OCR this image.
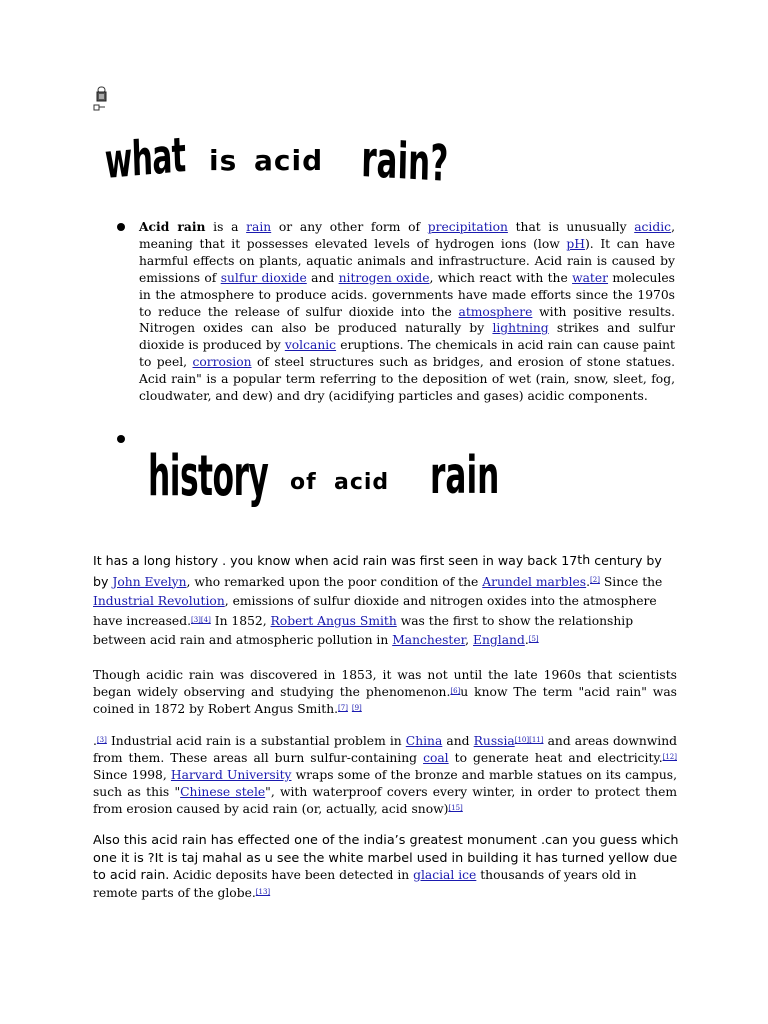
what is acid rain?
Acid rain is a rain or any other form of precipitation that is unusually acidic, meaning that it possesses elevated levels of hydrogen ions (low pH). It can have harmful effects on plants, aquatic animals and infrastructure. Acid rain is caused by emissions of sulfur dioxide and nitrogen oxide, which react with the water molecules in the atmosphere to produce acids. governments have made efforts since the 1970s to reduce the release of sulfur dioxide into the atmosphere with positive results. Nitrogen oxides can also be produced naturally by lightning strikes and sulfur dioxide is produced by volcanic eruptions. The chemicals in acid rain can cause paint to peel, corrosion of steel structures such as bridges, and erosion of stone statues. Acid rain" is a popular term referring to the deposition of wet (rain, snow, sleet, fog, cloudwater, and dew) and dry (acidifying particles and gases) acidic components.
history of acid rain
It has a long history . you know when acid rain was first seen in way back 17th century by by John Evelyn, who remarked upon the poor condition of the Arundel marbles.[2] Since the Industrial Revolution, emissions of sulfur dioxide and nitrogen oxides into the atmosphere have increased.[3][4] In 1852, Robert Angus Smith was the first to show the relationship between acid rain and atmospheric pollution in Manchester, England.[5]
Though acidic rain was discovered in 1853, it was not until the late 1960s that scientists began widely observing and studying the phenomenon.[6]u know The term "acid rain" was coined in 1872 by Robert Angus Smith.[7] [9]
.[3] Industrial acid rain is a substantial problem in China and Russia[10][11] and areas downwind from them. These areas all burn sulfur-containing coal to generate heat and electricity.[12] Since 1998, Harvard University wraps some of the bronze and marble statues on its campus, such as this "Chinese stele", with waterproof covers every winter, in order to protect them from erosion caused by acid rain (or, actually, acid snow)[15]
Also this acid rain has effected one of the india’s greatest monument .can you guess which one it is ?It is taj mahal as u see the white marbel used in building it has turned yellow due to acid rain. Acidic deposits have been detected in glacial ice thousands of years old in remote parts of the globe.[13]
